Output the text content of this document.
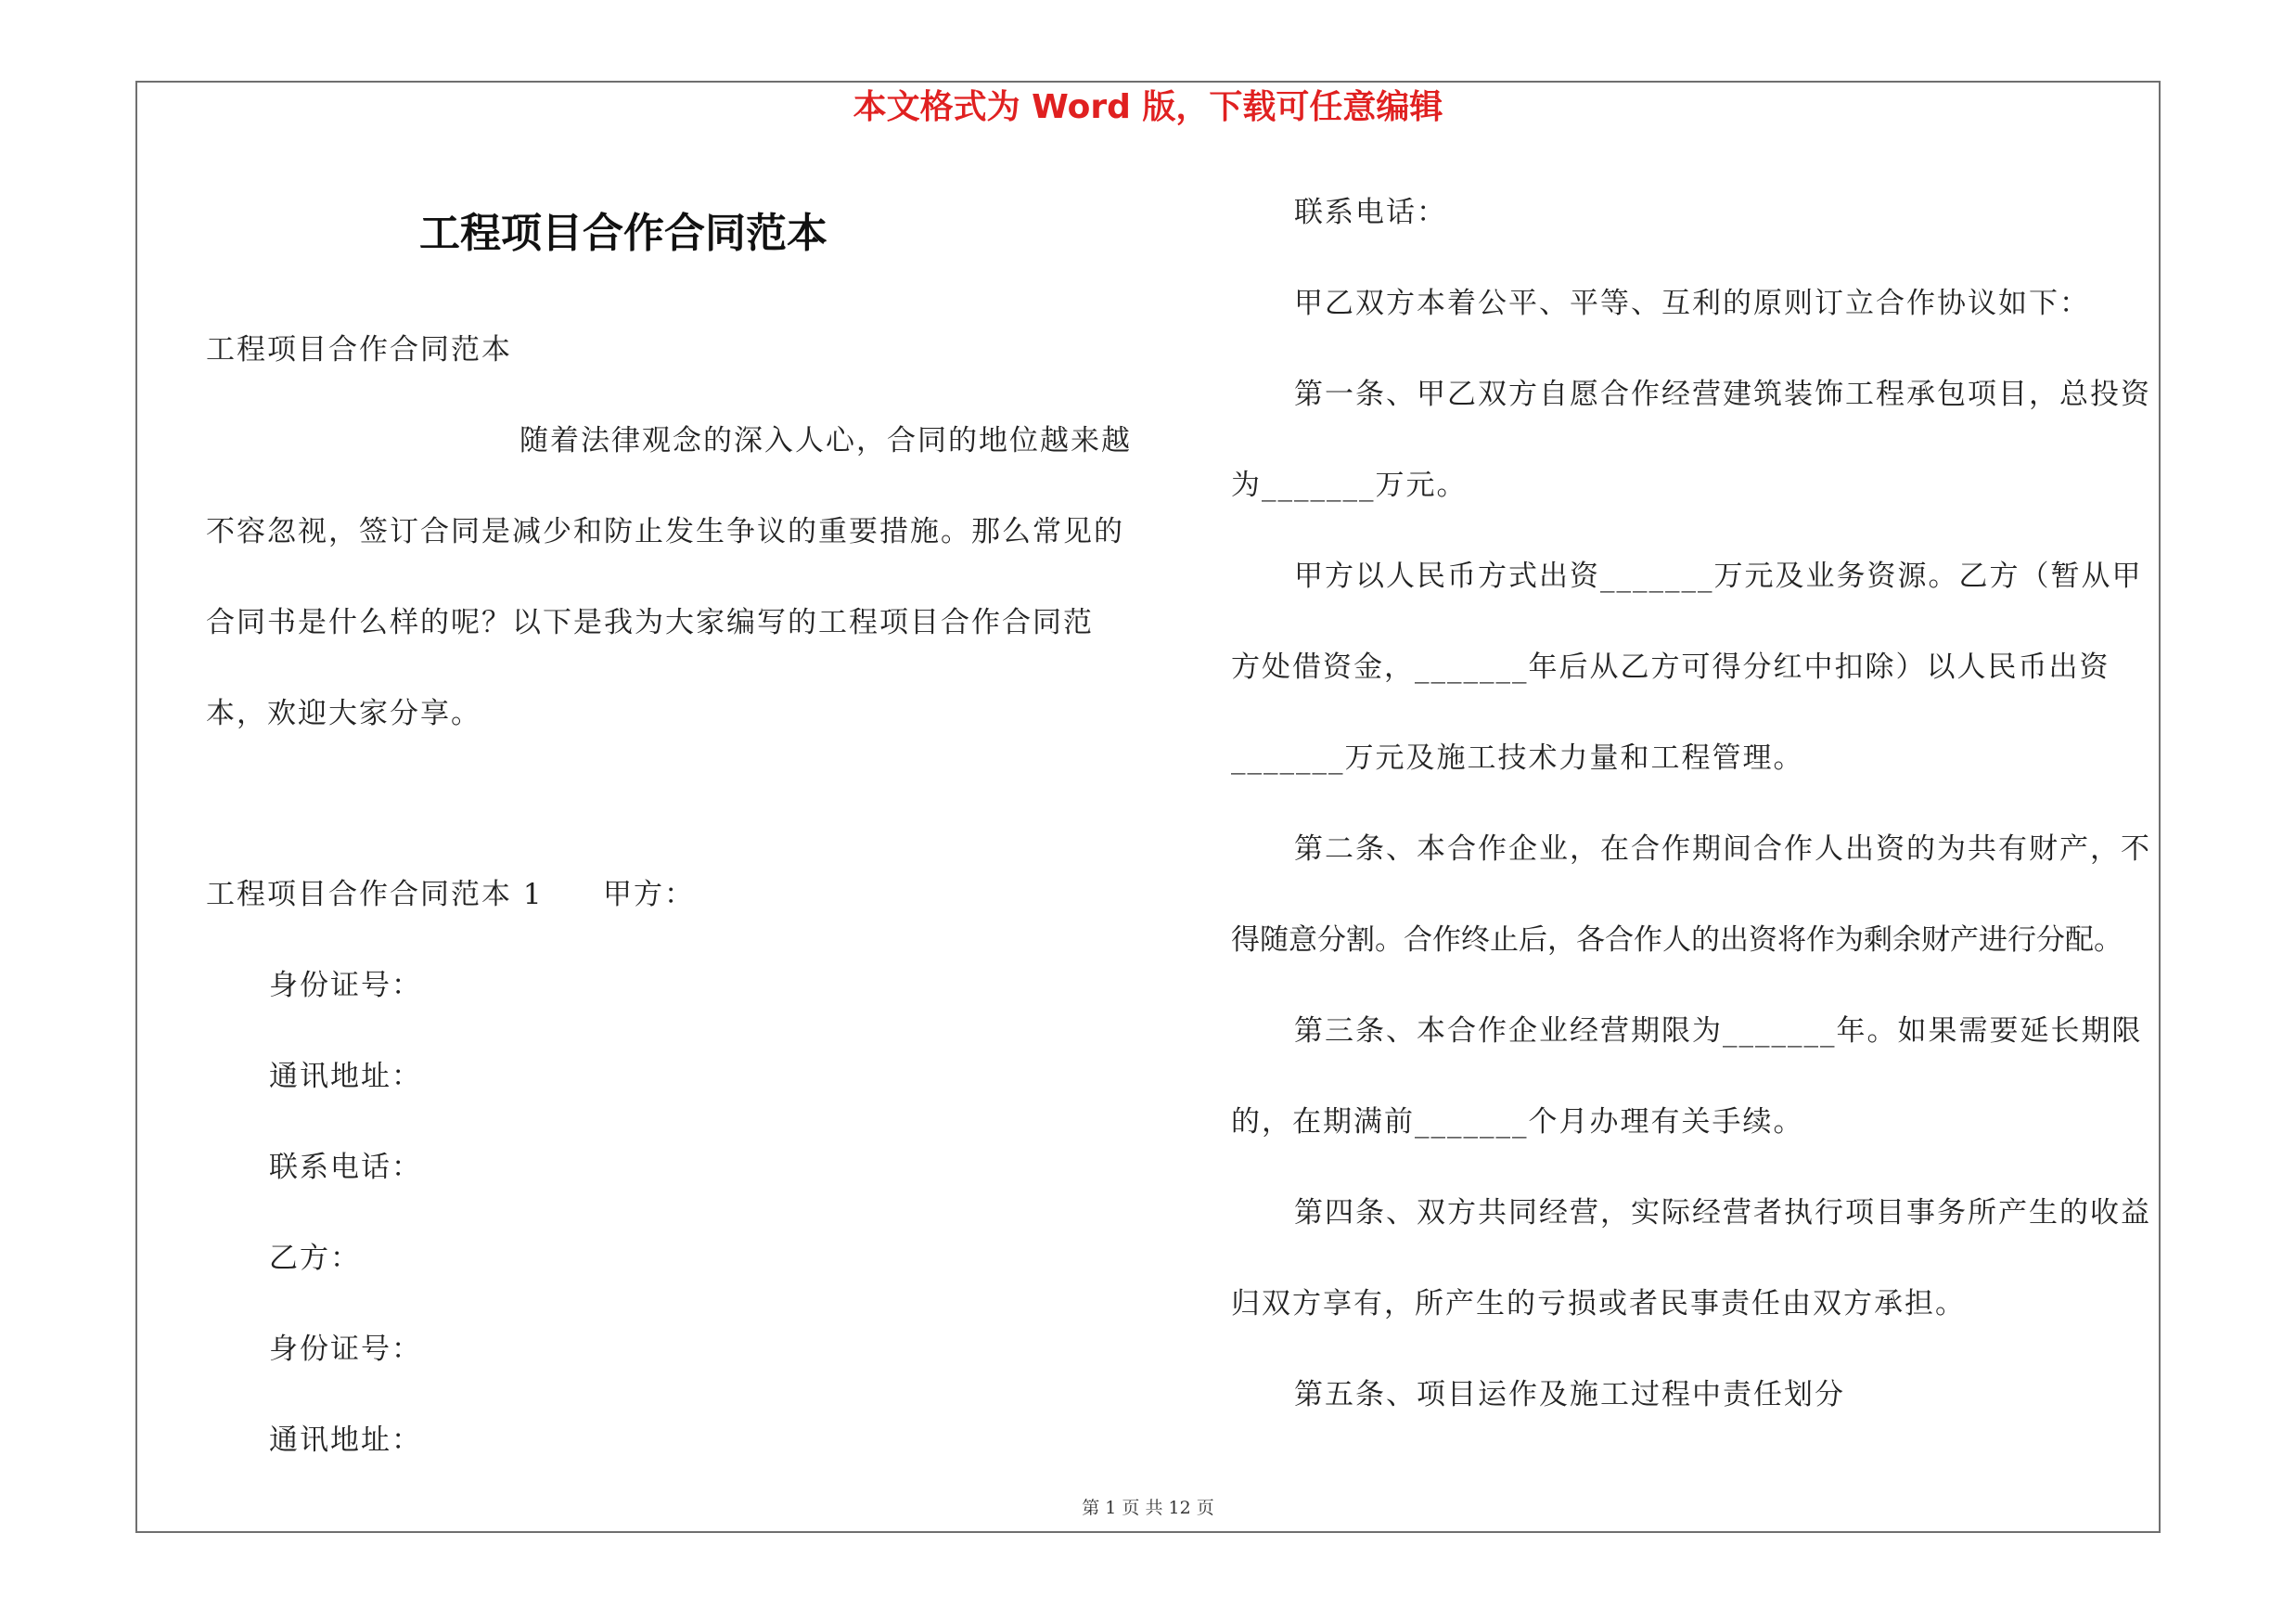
本文格式为 Word 版，下载可任意编辑
工程项目合作合同范本
工程项目合作合同范本
随着法律观念的深入人心，合同的地位越来越
不容忽视，签订合同是减少和防止发生争议的重要措施。那么常见的
合同书是什么样的呢？以下是我为大家编写的工程项目合作合同范
本，欢迎大家分享。
工程项目合作合同范本 1 甲方：
身份证号：
通讯地址：
联系电话：
乙方：
身份证号：
通讯地址：
联系电话：
甲乙双方本着公平、平等、互利的原则订立合作协议如下：
第一条、甲乙双方自愿合作经营建筑装饰工程承包项目，总投资
为_______万元。
甲方以人民币方式出资_______万元及业务资源。乙方（暂从甲
方处借资金，_______年后从乙方可得分红中扣除）以人民币出资
_______万元及施工技术力量和工程管理。
第二条、本合作企业，在合作期间合作人出资的为共有财产，不
得随意分割。合作终止后，各合作人的出资将作为剩余财产进行分配。
第三条、本合作企业经营期限为_______年。如果需要延长期限
的，在期满前_______个月办理有关手续。
第四条、双方共同经营，实际经营者执行项目事务所产生的收益
归双方享有，所产生的亏损或者民事责任由双方承担。
第五条、项目运作及施工过程中责任划分
第 1 页 共 12 页
